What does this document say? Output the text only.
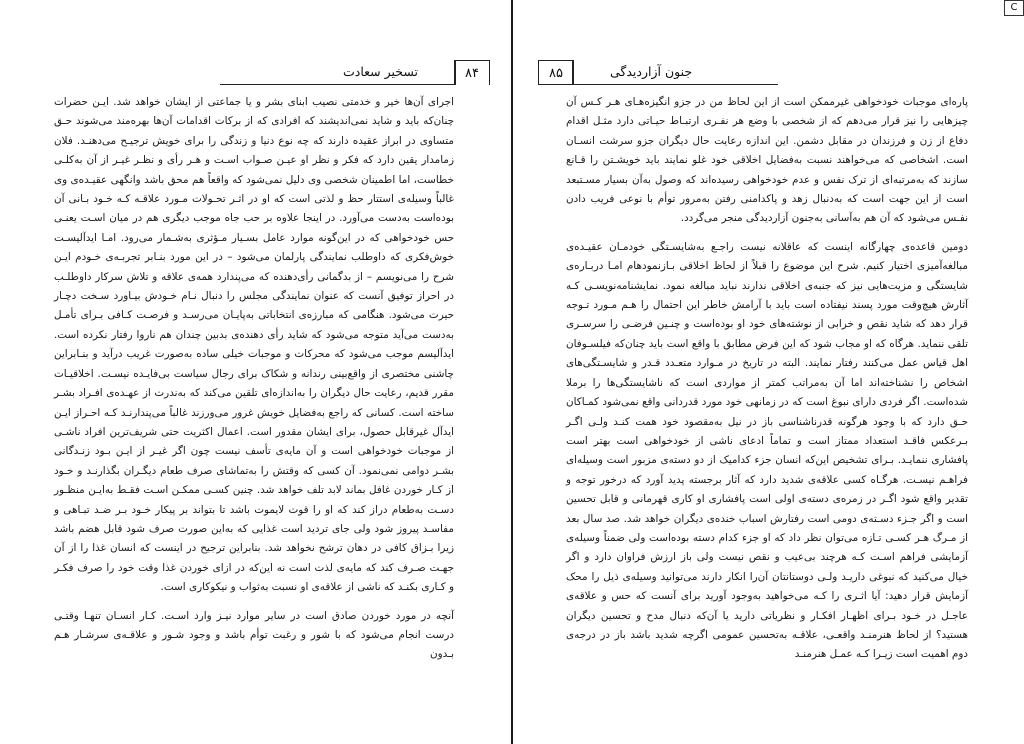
تسخیر سعادت	۸۴

اجرای آن‌ها خیر و خدمتی نصیب ابنای بشر و یا جماعتی از ایشان خواهد شد. ایـن حضرات چنان‌که باید و شاید نمی‌اندیشند که افرادی که از برکات اقدامات آن‌ها بهره‌مند می‌شوند حـق متساوی در ابراز عقیده دارند که چه نوع دنیا و زندگی را برای خویش ترجیـح می‌دهنـد. فلان زمامدار یقین دارد که فکر و نظر او عیـن صـواب اسـت و هـر رأی و نظـر غیـر از آن به‌کلـی خطاست، اما اطمینان شخصی وی دلیل نمی‌شود که واقعاً هم محق باشد وانگهی عقیـده‌ی وی غالباً وسیله‌ی استتار حظ و لذتی است که او در اثـر تحـولات مـورد علاقـه کـه خـود بـانی آن بوده‌است به‌دست می‌آورد. در اینجا علاوه بر حب جاه موجب دیگری هم در میان اسـت یعنـی حس خودخواهی که در این‌گونه موارد عامل بسـیار مـؤثری به‌شـمار می‌رود. امـا ایدآلیسـت خوش‌فکری که داوطلب نمایندگی پارلمان می‌شود – در این مورد بنـابر تجربـه‌ی خـودم ایـن شرح را می‌نویسم – از بدگمانی رأی‌دهنده که می‌پندارد همه‌ی علاقه و تلاش سرکار داوطلـب در احراز توفیق آنست که عنوان نمایندگی مجلس را دنبال نـام خـودش بیـاورد سـخت دچـار حیرت می‌شود. هنگامی که مبارزه‌ی انتخاباتی به‌پایـان می‌رسـد و فرصـت کـافی بـرای تأمـل به‌دست می‌آید متوجه می‌شود که شاید رأی دهنده‌ی بدبین چندان هم ناروا رفتار نکرده است. ایدآلیسم موجب می‌شود که محرکات و موجبات خیلی ساده به‌صورت غریب درآید و بنـابراین چاشنی مختصری از واقع‌بینی رندانه و شکاک برای رجال سیاست بی‌فایـده نیسـت. اخلاقیـات مقرر قدیم، رعایت حال دیگران را به‌اندازه‌ای تلقین می‌کند که به‌ندرت از عهـده‌ی افـراد بشـر ساخته است. کسانی که راجع به‌فضایل خویش غرور می‌ورزند غالباً می‌پندارنـد کـه احـراز ایـن ایدآل غیرقابل حصول، برای ایشان مقدور است. اعمال اکثریت حتی شریف‌ترین افراد ناشـی از موجبات خودخواهی است و آن مایه‌ی تأسف نیست چون اگر غیـر از ایـن بـود زنـدگانی بشـر دوامی نمی‌نمود. آن کسی که وقتش را به‌تماشای صرف طعام دیگـران بگذارنـد و خـود از کـار خوردن غافل بماند لابد تلف خواهد شد. چنین کسـی ممکـن اسـت فقـط به‌ایـن منظـور دسـت به‌طعام دراز کند که او را قوت لایموت باشد تا بتواند بر پیکار خـود بـر ضـد تبـاهی و مفاسـد پیروز شود ولی جای تردید است غذایی که به‌این صورت صرف شود قابل هضم باشد زیرا بـزاق کافی در دهان ترشح نخواهد شد. بنابراین ترجیح در اینست که انسان غذا را از آن جهـت صـرف کند که مایه‌ی لذت است نه این‌که در ازای خوردن غذا وقت خود را صرف فکـر و کـاری بکنـد که ناشی از علاقه‌ی او نسبت به‌ثواب و نیکوکاری است.

آنچه در مورد خوردن صادق است در سایر موارد نیـز وارد اسـت. کـار انسـان تنهـا وقتـی درست انجام می‌شود که با شور و رغبت توأم باشد و وجود شـور و علاقـه‌ی سرشـار هـم بـدون

۸۵	جنون آزاردیدگی

پاره‌ای موجبات خودخواهی غیرممکن است از این لحاظ من در جزو انگیزه‌هـای هـر کـس آن چیزهایی را نیز قرار می‌دهم که از شخصی با وضع هر نفـری ارتبـاط حیـاتی دارد مثـل اقدام دفاع از زن و فرزندان در مقابل دشمن. این اندازه رعایت حال دیگران جزو سرشت انسـان است. اشخاصی که می‌خواهند نسبت به‌فضایل اخلاقی خود غلو نمایند باید خویشـتن را قـانع سازند که به‌مرتبه‌ای از ترک نفس و عدم خودخواهی رسیده‌اند که وصول به‌آن بسیار مسـتبعد است از این جهت است که به‌دنبال زهد و پاکدامنی رفتن به‌مرور توأم با نوعی فریب دادن نفـس می‌شود که آن هم به‌آسانی به‌جنون آزاردیدگی منجر می‌گردد.

دومین قاعده‌ی چهارگانه اینست که عاقلانه نیست راجـع به‌شایسـتگی خودمـان عقیـده‌ی مبالغه‌آمیزی اختیار کنیم. شرح این موضوع را قبلاً از لحاظ اخلاقی بـازنمودهام امـا دربـاره‌ی شایستگی و مزیت‌هایی نیز که جنبه‌ی اخلاقی ندارند نباید مبالغه نمود. نمایشنامه‌نویسـی کـه آثارش هیچ‌وقت مورد پسند نیفتاده است باید با آرامش خاطر این احتمال را هـم مـورد تـوجه قرار دهد که شاید نقص و خرابی از نوشته‌های خود او بوده‌است و چنـین فرضـی را سرسـری تلقی ننماید. هرگاه که او مجاب شود که این فرض مطابق با واقع است باید چنان‌که فیلسـوفان اهل قیاس عمل می‌کنند رفتار نمایند. البته در تاریخ در مـوارد متعـدد قـدر و شایسـتگی‌های اشخاص را نشناخته‌اند اما آن به‌مراتب کمتر از مواردی است که ناشایستگی‌ها را برملا شده‌است. اگر فردی دارای نبوغ است که در زمانهی خود مورد قدردانی واقع نمی‌شود کمـاکان حـق دارد که با وجود هرگونه قدرناشناسی باز در نیل به‌مقصود خود همت کنـد ولـی اگـر بـرعکس فاقـد استعداد ممتاز است و تماماً ادعای ناشی از خودخواهی است بهتر است پافشاری ننمایـد. بـرای تشخیص این‌که انسان جزء کدامیک از دو دسته‌ی مزبور است وسیله‌ای فراهـم نیسـت. هرگـاه کسی علاقه‌ی شدید دارد که آثار برجسته پدید آورد که درخور توجه و تقدیر واقع شود اگـر در زمره‌ی دسته‌ی اولی است پافشاری او کاری قهرمانی و قابل تحسین است و اگر جـزء دسـته‌ی دومی است رفتارش اسباب خنده‌ی دیگران خواهد شد. صد سال بعد از مـرگ هـر کسـی تـازه می‌توان نظر داد که او جزء کدام دسته بوده‌است ولی ضمناً وسیله‌ی آزمایشی فراهم اسـت کـه هرچند بی‌عیب و نقص نیست ولی باز ارزش فراوان دارد و اگر خیال می‌کنید که نبوغی داریـد ولـی دوستانتان آن‌را انکار دارند می‌توانید وسیله‌ی ذیل را محک آزمایش قرار دهید: آیا اثـری را کـه می‌خواهید به‌وجود آورید برای آنست که حس و علاقه‌ی عاجـل در خـود بـرای اظهـار افکـار و نظریاتی دارید یا آن‌که دنبال مدح و تحسین دیگران هستید؟ از لحاظ هنرمنـد واقعـی، علاقـه به‌تحسین عمومی اگرچه شدید باشد باز در درجه‌ی دوم اهمیت است زیـرا کـه عمـل هنرمنـد

C
